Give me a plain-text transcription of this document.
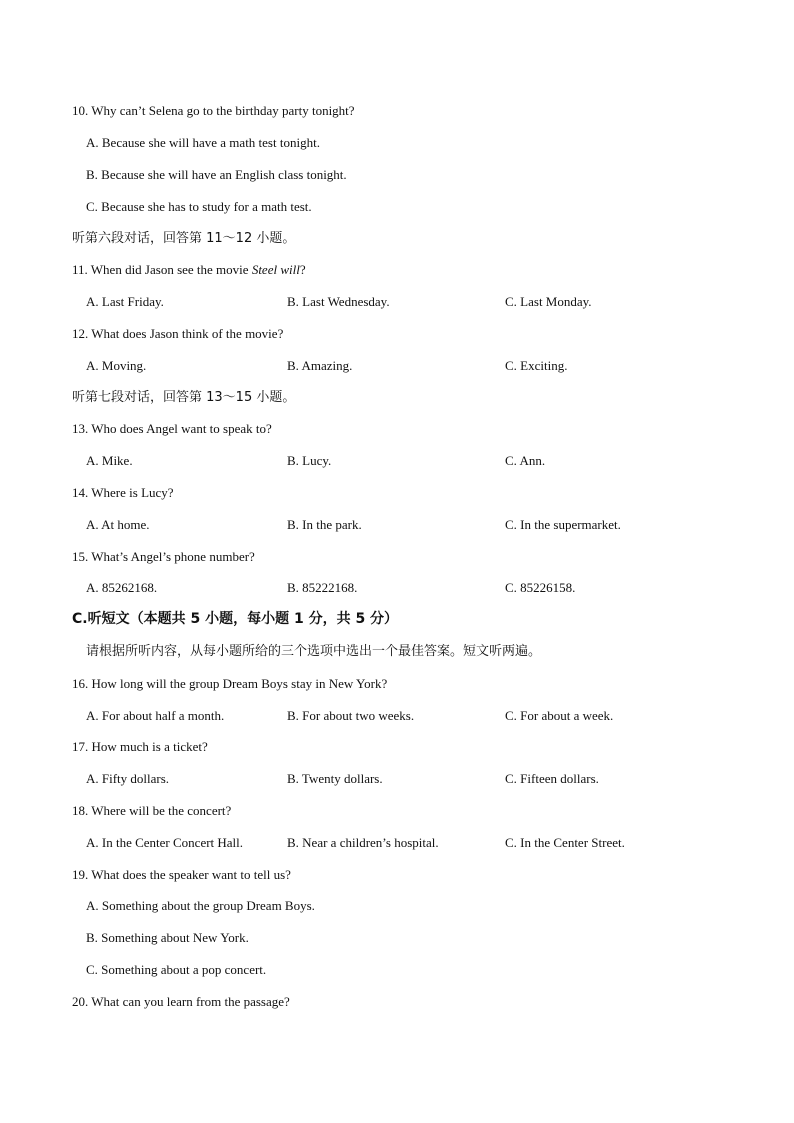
10. Why can’t Selena go to the birthday party tonight?
A. Because she will have a math test tonight.
B. Because she will have an English class tonight.
C. Because she has to study for a math test.
听第六段对话，回答第 11～12 小题。
11. When did Jason see the movie Steel will?
A. Last Friday.	B. Last Wednesday.	C. Last Monday.
12. What does Jason think of the movie?
A. Moving.	B. Amazing.	C. Exciting.
听第七段对话，回答第 13～15 小题。
13. Who does Angel want to speak to?
A. Mike.	B. Lucy.	C. Ann.
14. Where is Lucy?
A. At home.	B. In the park.	C. In the supermarket.
15. What’s Angel’s phone number?
A. 85262168.	B. 85222168.	C. 85226158.
C.听短文（本题共 5 小题，每小题 1 分，共 5 分）
请根据所听内容，从每小题所给的三个选项中选出一个最佳答案。短文听两遍。
16. How long will the group Dream Boys stay in New York?
A. For about half a month.	B. For about two weeks.	C. For about a week.
17. How much is a ticket?
A. Fifty dollars.	B. Twenty dollars.	C. Fifteen dollars.
18. Where will be the concert?
A. In the Center Concert Hall.	B. Near a children’s hospital.	C. In the Center Street.
19. What does the speaker want to tell us?
A. Something about the group Dream Boys.
B. Something about New York.
C. Something about a pop concert.
20. What can you learn from the passage?
